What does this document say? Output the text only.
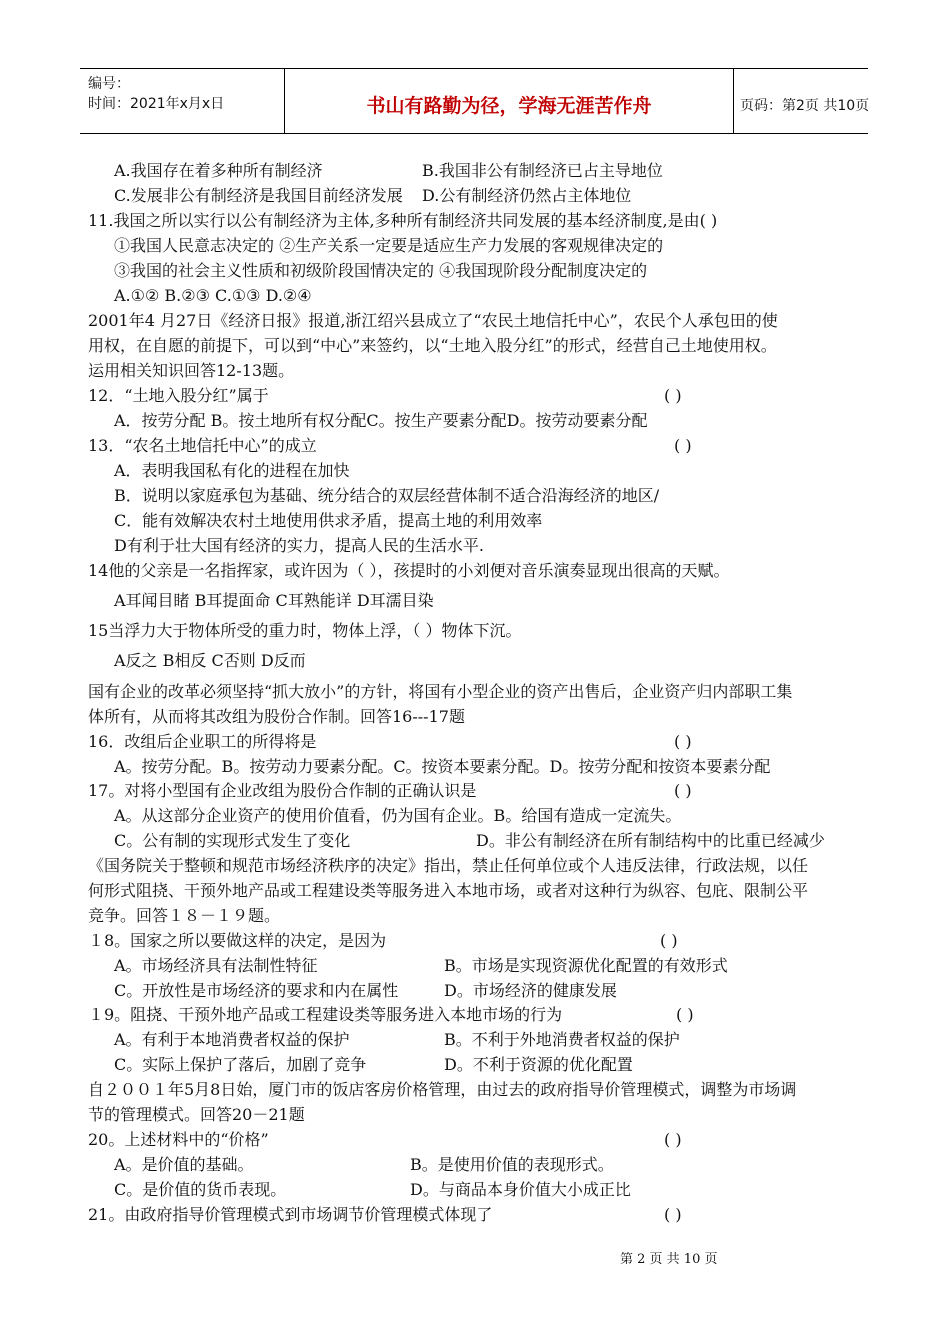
编号：
时间：2021年x月x日	书山有路勤为径，学海无涯苦作舟	页码：第2页 共10页
A.我国存在着多种所有制经济	B.我国非公有制经济已占主导地位
C.发展非公有制经济是我国目前经济发展 D.公有制经济仍然占主体地位
11.我国之所以实行以公有制经济为主体,多种所有制经济共同发展的基本经济制度,是由( )
①我国人民意志决定的 ②生产关系一定要是适应生产力发展的客观规律决定的
③我国的社会主义性质和初级阶段国情决定的 ④我国现阶段分配制度决定的
A.①② B.②③ C.①③ D.②④
2001年4 月27日《经济日报》报道,浙江绍兴县成立了“农民土地信托中心”，农民个人承包田的使
用权，在自愿的前提下，可以到“中心”来签约，以“土地入股分红”的形式，经营自己土地使用权。
运用相关知识回答12-13题。
12．“土地入股分红”属于	( )
A．按劳分配 B。按土地所有权分配C。按生产要素分配D。按劳动要素分配
13．“农名土地信托中心”的成立	( )
A．表明我国私有化的进程在加快
B．说明以家庭承包为基础、统分结合的双层经营体制不适合沿海经济的地区/
C．能有效解决农村土地使用供求矛盾，提高土地的利用效率
D有利于壮大国有经济的实力，提高人民的生活水平.
14他的父亲是一名指挥家，或许因为（ ），孩提时的小刘便对音乐演奏显现出很高的天赋。
A耳闻目睹 B耳提面命 C耳熟能详 D耳濡目染
15当浮力大于物体所受的重力时，物体上浮，（ ）物体下沉。
A反之 B相反 C否则 D反而
国有企业的改革必须坚持“抓大放小”的方针，将国有小型企业的资产出售后，企业资产归内部职工集
体所有，从而将其改组为股份合作制。回答16---17题
16．改组后企业职工的所得将是	( )
A。按劳分配。B。按劳动力要素分配。C。按资本要素分配。D。按劳分配和按资本要素分配
17。对将小型国有企业改组为股份合作制的正确认识是	( )
A。从这部分企业资产的使用价值看，仍为国有企业。B。给国有造成一定流失。
C。公有制的实现形式发生了变化	D。非公有制经济在所有制结构中的比重已经减少
《国务院关于整顿和规范市场经济秩序的决定》指出，禁止任何单位或个人违反法律，行政法规，以任
何形式阻挠、干预外地产品或工程建设类等服务进入本地市场，或者对这种行为纵容、包庇、限制公平
竞争。回答１８－１９题。
１8。国家之所以要做这样的决定，是因为	( )
A。市场经济具有法制性特征	B。市场是实现资源优化配置的有效形式
C。开放性是市场经济的要求和内在属性	D。市场经济的健康发展
１9。阻挠、干预外地产品或工程建设类等服务进入本地市场的行为	( )
A。有利于本地消费者权益的保护	B。不利于外地消费者权益的保护
C。实际上保护了落后，加剧了竞争	D。不利于资源的优化配置
自２００１年5月8日始，厦门市的饭店客房价格管理，由过去的政府指导价管理模式，调整为市场调
节的管理模式。回答20－21题
20。上述材料中的“价格”	( )
A。是价值的基础。	B。是使用价值的表现形式。
C。是价值的货币表现。	D。与商品本身价值大小成正比
21。由政府指导价管理模式到市场调节价管理模式体现了	( )
第 2 页 共 10 页
